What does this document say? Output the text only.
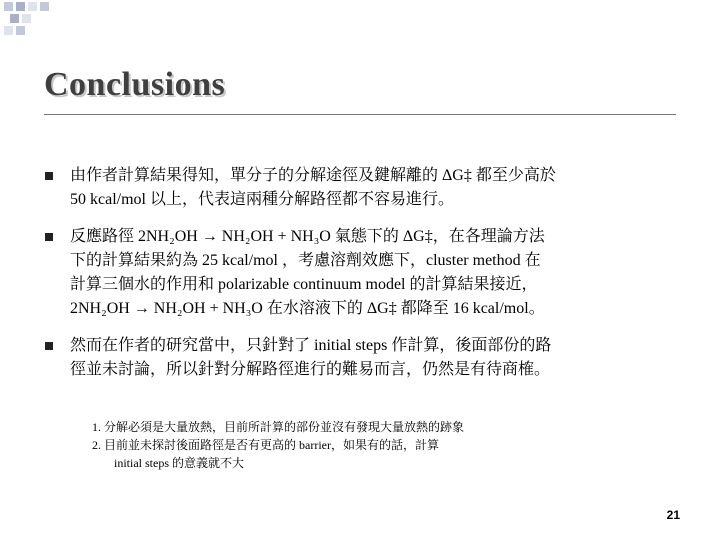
Conclusions
由作者計算結果得知，單分子的分解途徑及鍵解離的 ΔG‡ 都至少高於
50 kcal/mol 以上，代表這兩種分解路徑都不容易進行。
反應路徑 2NH₂OH → NH₂OH + NH₃O 氣態下的 ΔG‡，在各理論方法
下的計算結果約為 25 kcal/mol ，考慮溶劑效應下，cluster method 在
計算三個水的作用和 polarizable continuum model 的計算結果接近，
2NH₂OH → NH₂OH + NH₃O 在水溶液下的 ΔG‡ 都降至 16 kcal/mol。
然而在作者的研究當中，只針對了 initial steps 作計算，後面部份的路
徑並未討論，所以針對分解路徑進行的難易而言，仍然是有待商榷。
1. 分解必須是大量放熱，目前所計算的部份並沒有發現大量放熱的跡象
2. 目前並未探討後面路徑是否有更高的 barrier，如果有的話，計算
initial steps 的意義就不大
21
